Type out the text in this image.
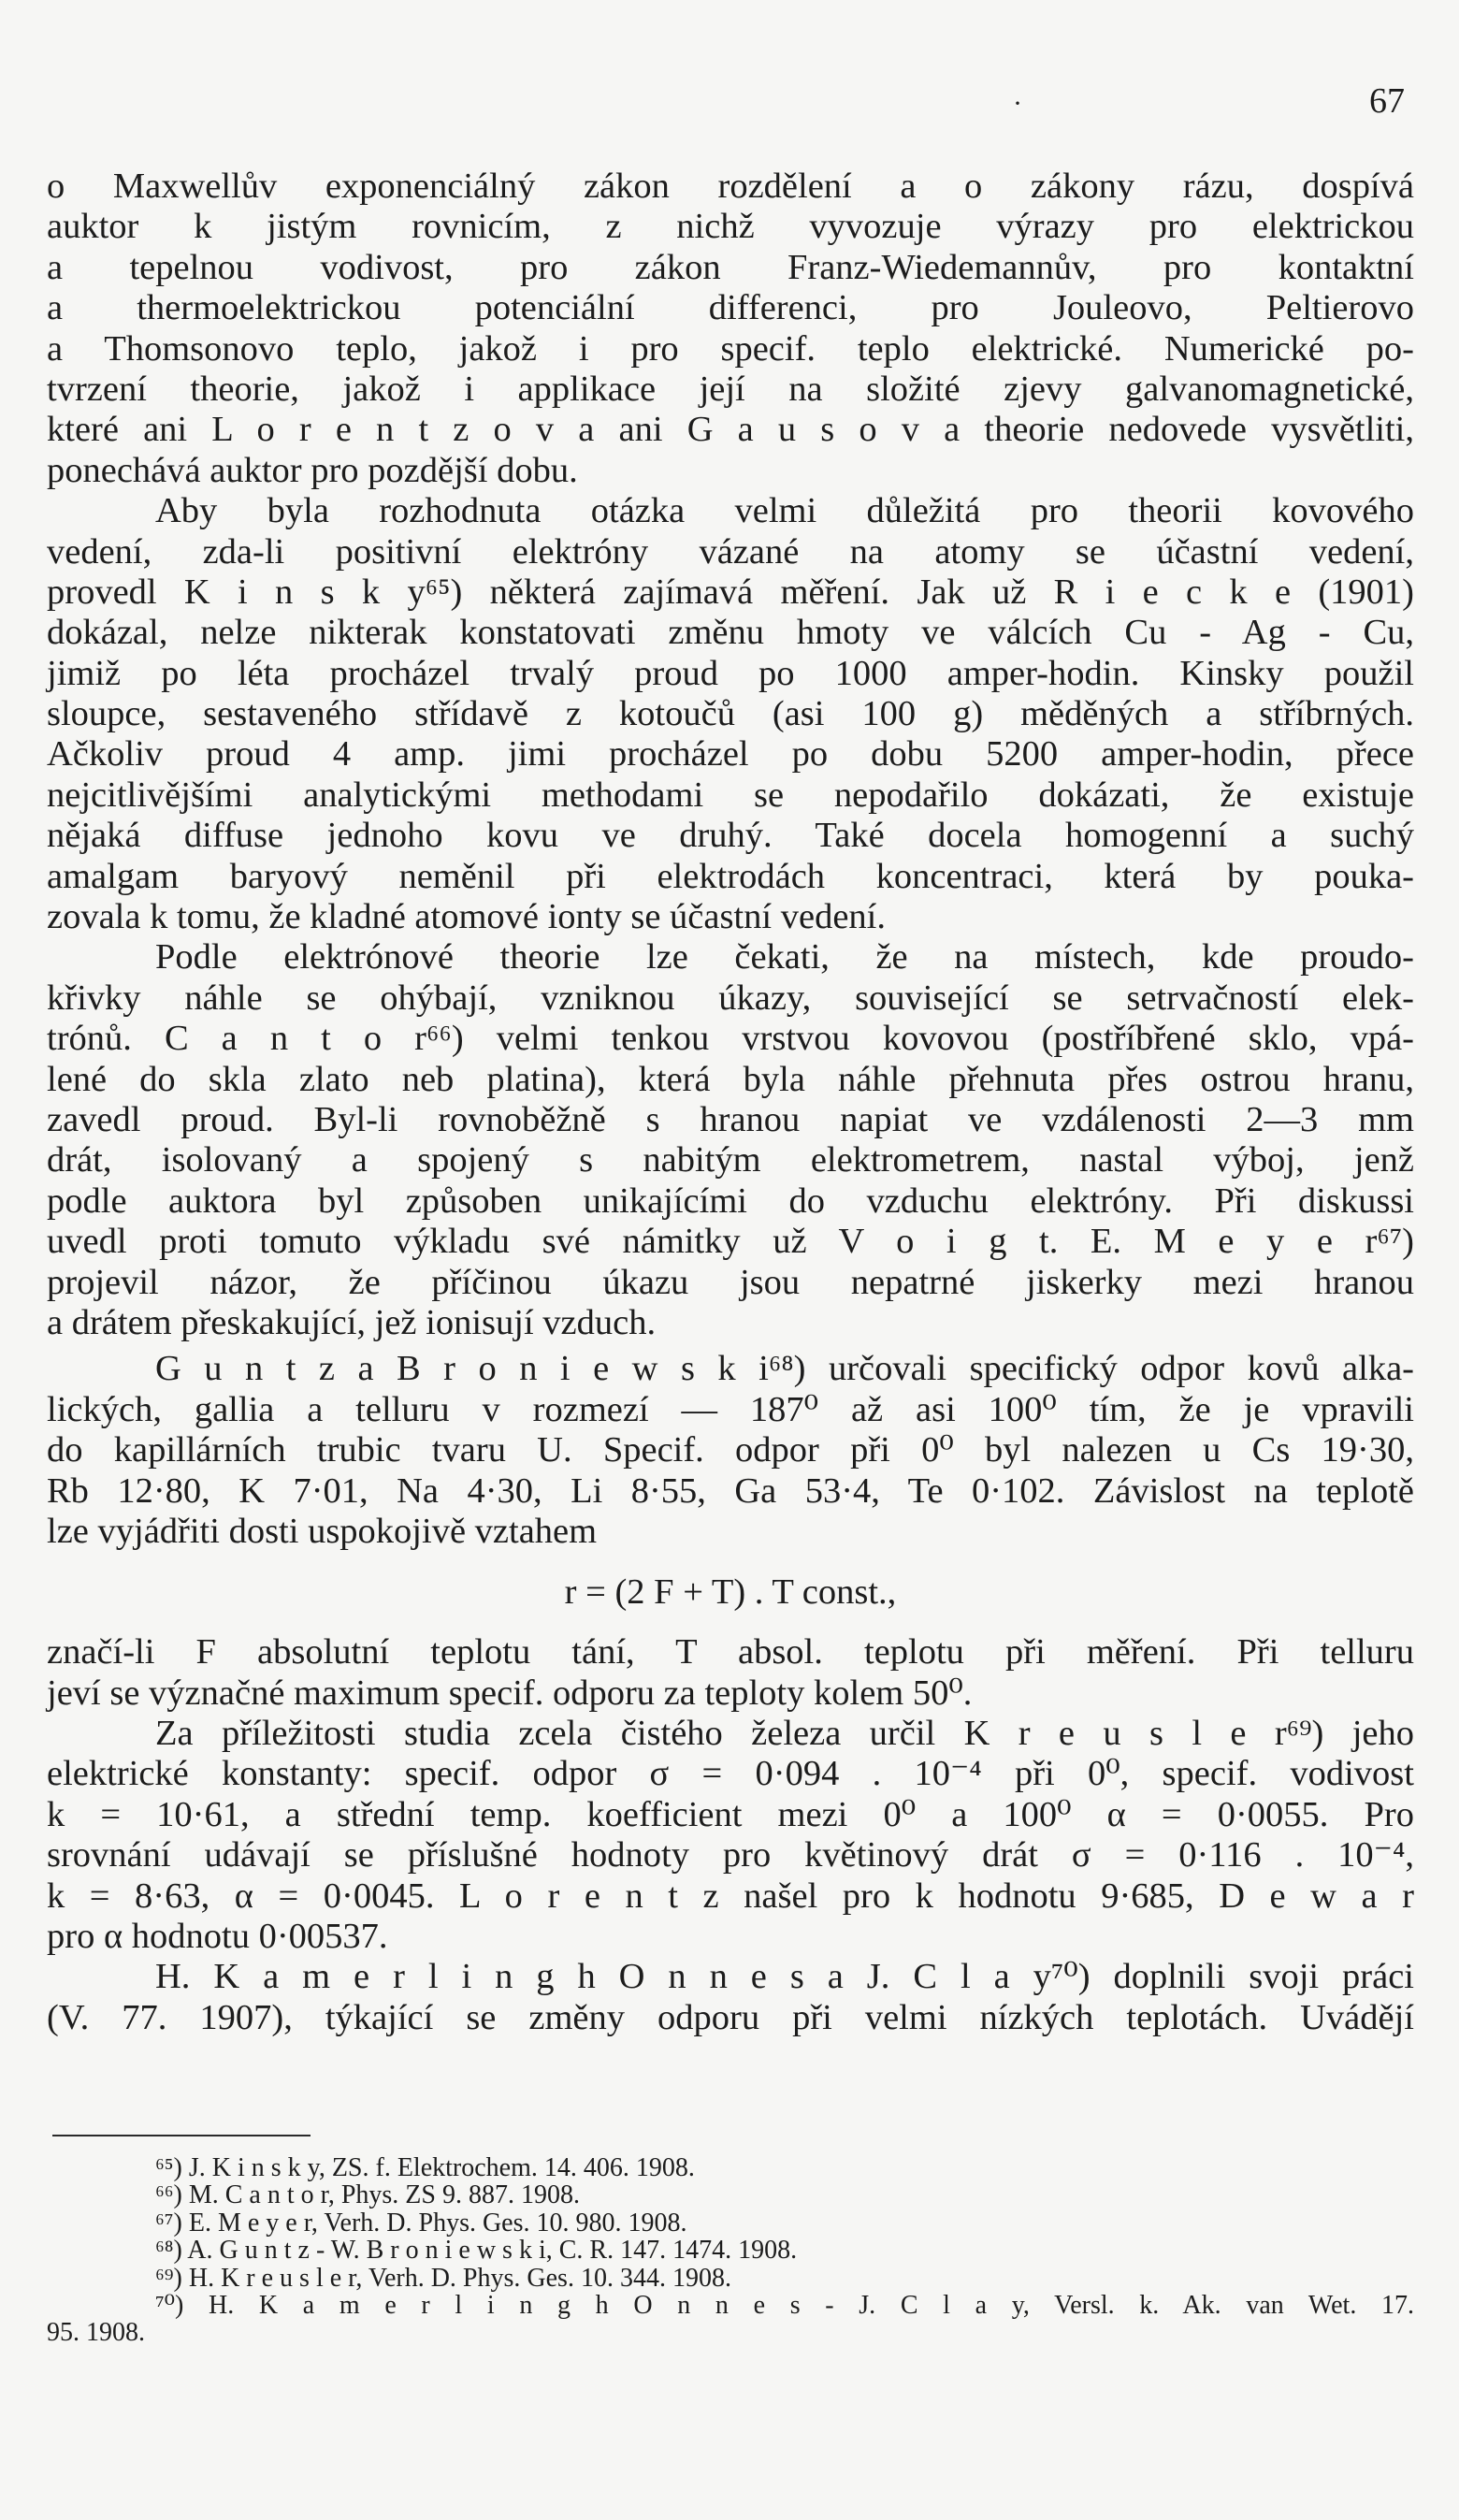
·	67
o Maxwellův exponenciálný zákon rozdělení a o zákony rázu, dospívá
auktor k jistým rovnicím, z nichž vyvozuje výrazy pro elektrickou
a tepelnou vodivost, pro zákon Franz-Wiedemannův, pro kontaktní
a thermoelektrickou potenciální differenci, pro Jouleovo, Peltierovo
a Thomsonovo teplo, jakož i pro specif. teplo elektrické. Numerické po-
tvrzení theorie, jakož i applikace její na složité zjevy galvanomagnetické,
které ani L o r e n t z o v a ani G a u s o v a theorie nedovede vysvětliti,
ponechává auktor pro pozdější dobu.
Aby byla rozhodnuta otázka velmi důležitá pro theorii kovového
vedení, zda-li positivní elektróny vázané na atomy se účastní vedení,
provedl K i n s k y⁶⁵) některá zajímavá měření. Jak už R i e c k e (1901)
dokázal, nelze nikterak konstatovati změnu hmoty ve válcích Cu - Ag - Cu,
jimiž po léta procházel trvalý proud po 1000 amper-hodin. Kinsky použil
sloupce, sestaveného střídavě z kotoučů (asi 100 g) měděných a stříbrných.
Ačkoliv proud 4 amp. jimi procházel po dobu 5200 amper-hodin, přece
nejcitlivějšími analytickými methodami se nepodařilo dokázati, že existuje
nějaká diffuse jednoho kovu ve druhý. Také docela homogenní a suchý
amalgam baryový neměnil při elektrodách koncentraci, která by pouka-
zovala k tomu, že kladné atomové ionty se účastní vedení.
Podle elektrónové theorie lze čekati, že na místech, kde proudo-
křivky náhle se ohýbají, vzniknou úkazy, související se setrvačností elek-
trónů. C a n t o r⁶⁶) velmi tenkou vrstvou kovovou (postříbřené sklo, vpá-
lené do skla zlato neb platina), která byla náhle přehnuta přes ostrou hranu,
zavedl proud. Byl-li rovnoběžně s hranou napiat ve vzdálenosti 2—3 mm
drát, isolovaný a spojený s nabitým elektrometrem, nastal výboj, jenž
podle auktora byl způsoben unikajícími do vzduchu elektróny. Při diskussi
uvedl proti tomuto výkladu své námitky už V o i g t. E. M e y e r⁶⁷)
projevil názor, že příčinou úkazu jsou nepatrné jiskerky mezi hranou
a drátem přeskakující, jež ionisují vzduch.
G u n t z a B r o n i e w s k i⁶⁸) určovali specifický odpor kovů alka-
lických, gallia a telluru v rozmezí — 187⁰ až asi 100⁰ tím, že je vpravili
do kapillárních trubic tvaru U. Specif. odpor při 0⁰ byl nalezen u Cs 19·30,
Rb 12·80, K 7·01, Na 4·30, Li 8·55, Ga 53·4, Te 0·102. Závislost na teplotě
lze vyjádřiti dosti uspokojivě vztahem
r = (2 F + T) . T const.,
značí-li F absolutní teplotu tání, T absol. teplotu při měření. Při telluru
jeví se význačné maximum specif. odporu za teploty kolem 50⁰.
Za příležitosti studia zcela čistého železa určil K r e u s l e r⁶⁹) jeho
elektrické konstanty: specif. odpor σ = 0·094 . 10⁻⁴ při 0⁰, specif. vodivost
k = 10·61, a střední temp. koefficient mezi 0⁰ a 100⁰ α = 0·0055. Pro
srovnání udávají se příslušné hodnoty pro květinový drát σ = 0·116 . 10⁻⁴,
k = 8·63, α = 0·0045. L o r e n t z našel pro k hodnotu 9·685, D e w a r
pro α hodnotu 0·00537.
H. K a m e r l i n g h O n n e s a J. C l a y⁷⁰) doplnili svoji práci
(V. 77. 1907), týkající se změny odporu při velmi nízkých teplotách. Uvádějí
⁶⁵) J. K i n s k y, ZS. f. Elektrochem. 14. 406. 1908.
⁶⁶) M. C a n t o r, Phys. ZS 9. 887. 1908.
⁶⁷) E. M e y e r, Verh. D. Phys. Ges. 10. 980. 1908.
⁶⁸) A. G u n t z - W. B r o n i e w s k i, C. R. 147. 1474. 1908.
⁶⁹) H. K r e u s l e r, Verh. D. Phys. Ges. 10. 344. 1908.
⁷⁰) H. K a m e r l i n g h O n n e s - J. C l a y, Versl. k. Ak. van Wet. 17.
95. 1908.
